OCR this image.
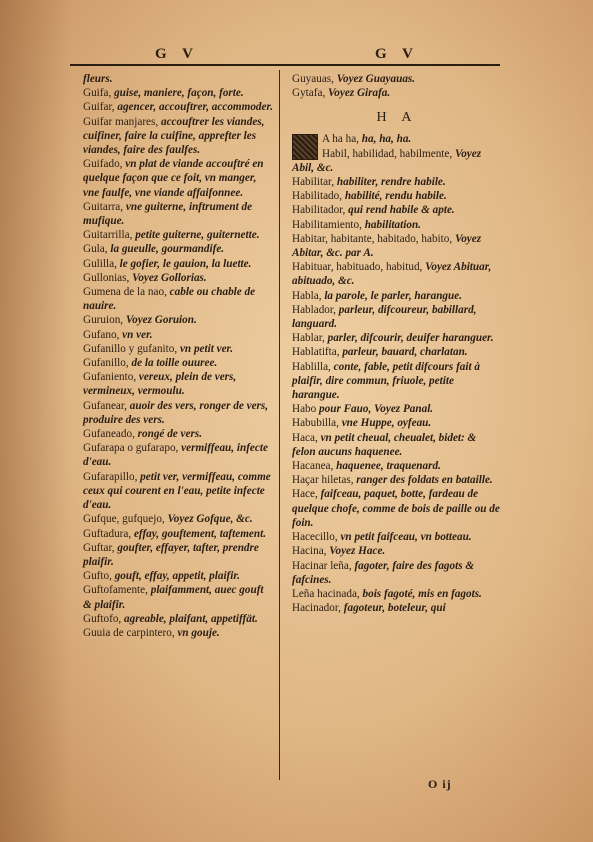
G V	G V

fleurs.

Guifa, guise, maniere, façon, forte.

Guifar, agencer, accouftrer, accommoder.

Guifar manjares, accouftrer les viandes, cuifiner, faire la cuifine, apprefter les viandes, faire des faulfes.

Guifado, vn plat de viande accouftré en quelque façon que ce foit, vn manger, vne faulfe, vne viande affaifonnee.

Guitarra, vne guiterne, inftrument de mufique.

Guitarrilla, petite guiterne, guiternette.

Gula, la gueulle, gourmandife.

Gulilla, le gofier, le gauion, la luette.

Gullonias, Voyez Gollorias.

Gumena de la nao, cable ou chable de nauire.

Guruion, Voyez Goruion.

Gufano, vn ver.

Gufanillo y gufanito, vn petit ver.

Gufanillo, de la toille ouuree.

Gufaniento, vereux, plein de vers, vermineux, vermoulu.

Gufanear, auoir des vers, ronger de vers, produire des vers.

Gufaneado, rongé de vers.

Gufarapa o gufarapo, vermiffeau, infecte d'eau.

Gufarapillo, petit ver, vermiffeau, comme ceux qui courent en l'eau, petite infecte d'eau.

Gufque, gufquejo, Voyez Gofque, &c.

Guftadura, effay, gouftement, taftement.

Guftar, goufter, effayer, tafter, prendre plaifir.

Gufto, gouft, effay, appetit, plaifir.

Guftofamente, plaifamment, auec gouft & plaifir.

Guftofo, agreable, plaifant, appetiffät.

Guuia de carpintero, vn gouje.

Guyauas, Voyez Guayauas.

Gytafa, Voyez Girafa.

H A

A ha ha, ha, ha, ha.

Habil, habilidad, habilmente, Voyez Abil, &c.

Habilitar, habiliter, rendre habile.

Habilitado, habilité, rendu habile.

Habilitador, qui rend habile & apte.

Habilitamiento, habilitation.

Habitar, habitante, habitado, habito, Voyez Abitar, &c. par A.

Habituar, habituado, habitud, Voyez Abituar, abituado, &c.

Habla, la parole, le parler, harangue.

Hablador, parleur, difcoureur, babillard, languard.

Hablar, parler, difcourir, deuifer haranguer.

Hablatifta, parleur, bauard, charlatan.

Hablilla, conte, fable, petit difcours fait à plaifir, dire commun, friuole, petite harangue.

Habo pour Fauo, Voyez Panal.

Habubilla, vne Huppe, oyfeau.

Haca, vn petit cheual, cheualet, bidet: & felon aucuns haquenee.

Hacanea, haquenee, traquenard.

Haçar hiletas, ranger des foldats en bataille.

Hace, faifceau, paquet, botte, fardeau de quelque chofe, comme de bois de paille ou de foin.

Hacecillo, vn petit faifceau, vn botteau.

Hacina, Voyez Hace.

Hacinar leña, fagoter, faire des fagots & fafcines.

Leña hacinada, bois fagoté, mis en fagots.

Hacinador, fagoteur, boteleur, qui

O ij
